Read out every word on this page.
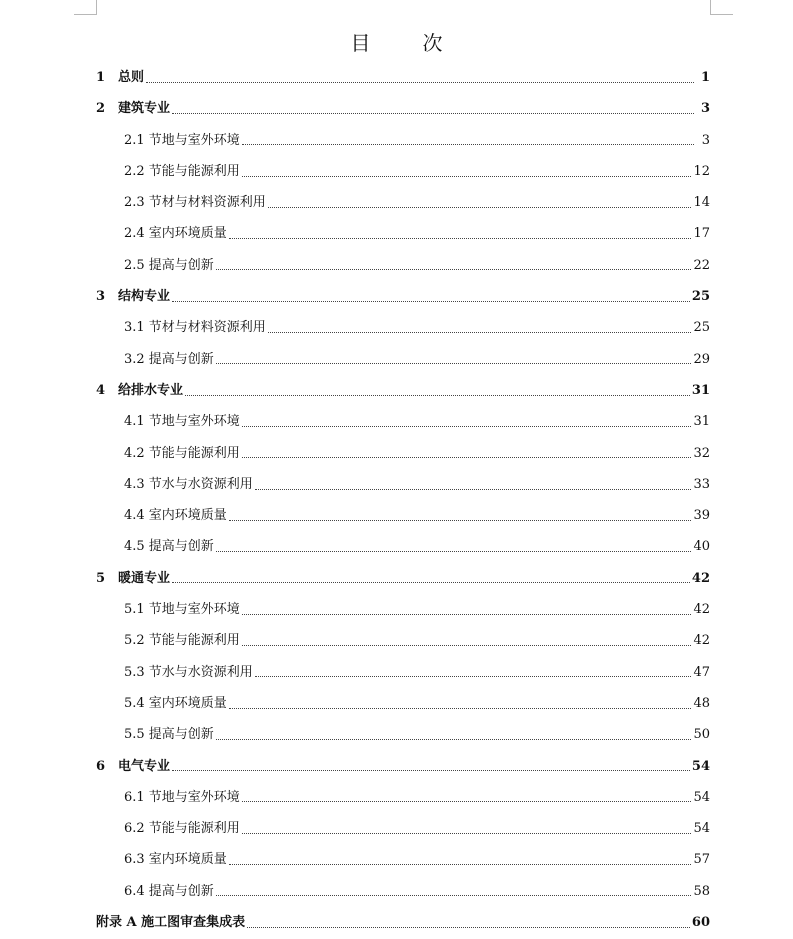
目　次
1 总则	1
2 建筑专业	3
2.1 节地与室外环境	3
2.2 节能与能源利用	12
2.3 节材与材料资源利用	14
2.4 室内环境质量	17
2.5 提高与创新	22
3 结构专业	25
3.1 节材与材料资源利用	25
3.2 提高与创新	29
4 给排水专业	31
4.1 节地与室外环境	31
4.2 节能与能源利用	32
4.3 节水与水资源利用	33
4.4 室内环境质量	39
4.5 提高与创新	40
5 暖通专业	42
5.1 节地与室外环境	42
5.2 节能与能源利用	42
5.3 节水与水资源利用	47
5.4 室内环境质量	48
5.5 提高与创新	50
6 电气专业	54
6.1 节地与室外环境	54
6.2 节能与能源利用	54
6.3 室内环境质量	57
6.4 提高与创新	58
附录 A 施工图审查集成表	60
